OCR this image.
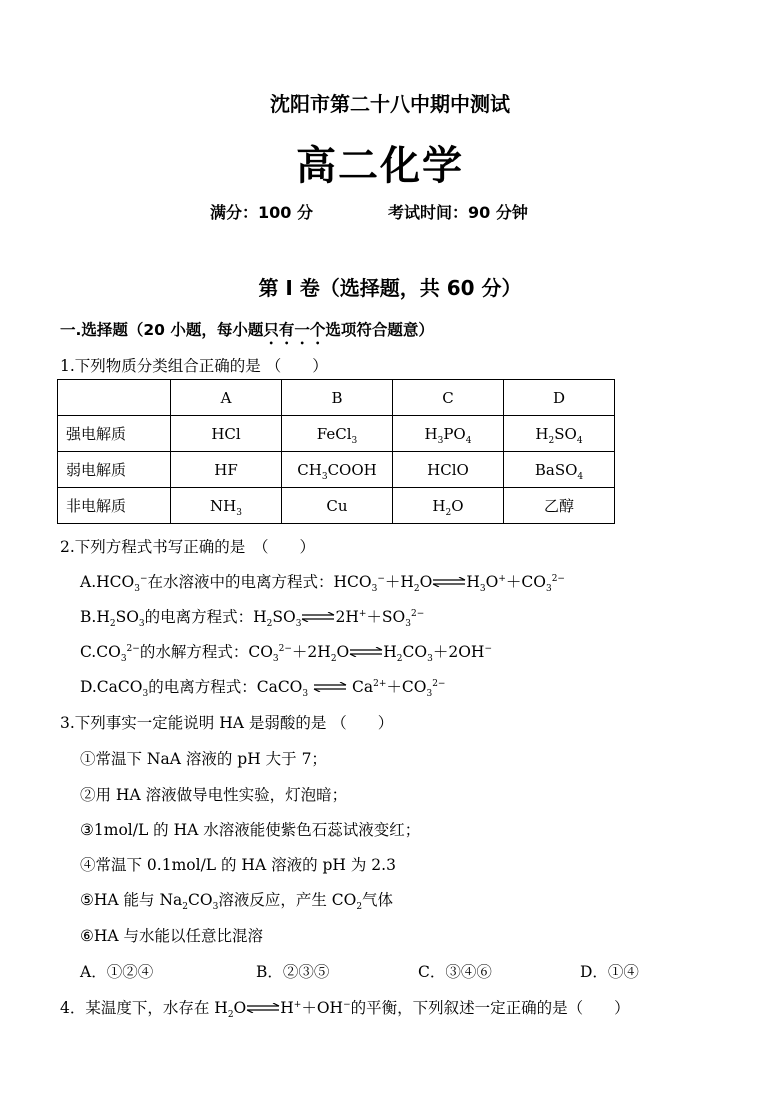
沈阳市第二十八中期中测试
高二化学
满分：100 分	考试时间：90 分钟
第 I 卷（选择题，共 60 分）
一.选择题（20 小题，每小题只有一个选项符合题意）
1.下列物质分类组合正确的是 （　　）
	A	B	C	D
强电解质	HCl	FeCl$_3$	$H_3PO_4$	$H_2SO_4$
弱电解质	HF	$CH_3COOH$	HClO	BaSO$_4$
非电解质	$NH_3$	Cu	$H_2O$	乙醇
2.下列方程式书写正确的是　（　　）
$A.HCO_3^-$在水溶液中的电离方程式：$HCO_3^-+H_2O\rightleftharpoons H_3O^++CO_3^{2-}$
$B.H_2SO_3$的电离方程式：$H_2SO_3$ $\rightleftharpoons 2H^++SO_3^{2-}$
$C.CO_3^{2-}$的水解方程式：$CO_3^{2-}+2H_2O\rightleftharpoons H_2CO_3+2OH^-$
D.CaCO$_3$的电离方程式：CaCO$_3$ ⇌ $Ca^{2+}+CO_3^{2-}$
3.下列事实一定能说明 HA 是弱酸的是 （　　）
①常温下 NaA 溶液的 pH 大于 7；
②用 HA 溶液做导电性实验，灯泡暗；
③1mol/L 的 HA 水溶液能使紫色石蕊试液变红；
④常温下 0.1mol/L 的 HA 溶液的 pH 为 2.3
⑤HA 能与 $Na_2CO_3$溶液反应，产生 $CO_2$气体
⑥HA 与水能以任意比混溶
A．①②④	B．②③⑤	C．③④⑥	D．①④
4．某温度下，水存在 $H_2O\rightleftharpoons H^++OH^-$的平衡，下列叙述一定正确的是（　　）
